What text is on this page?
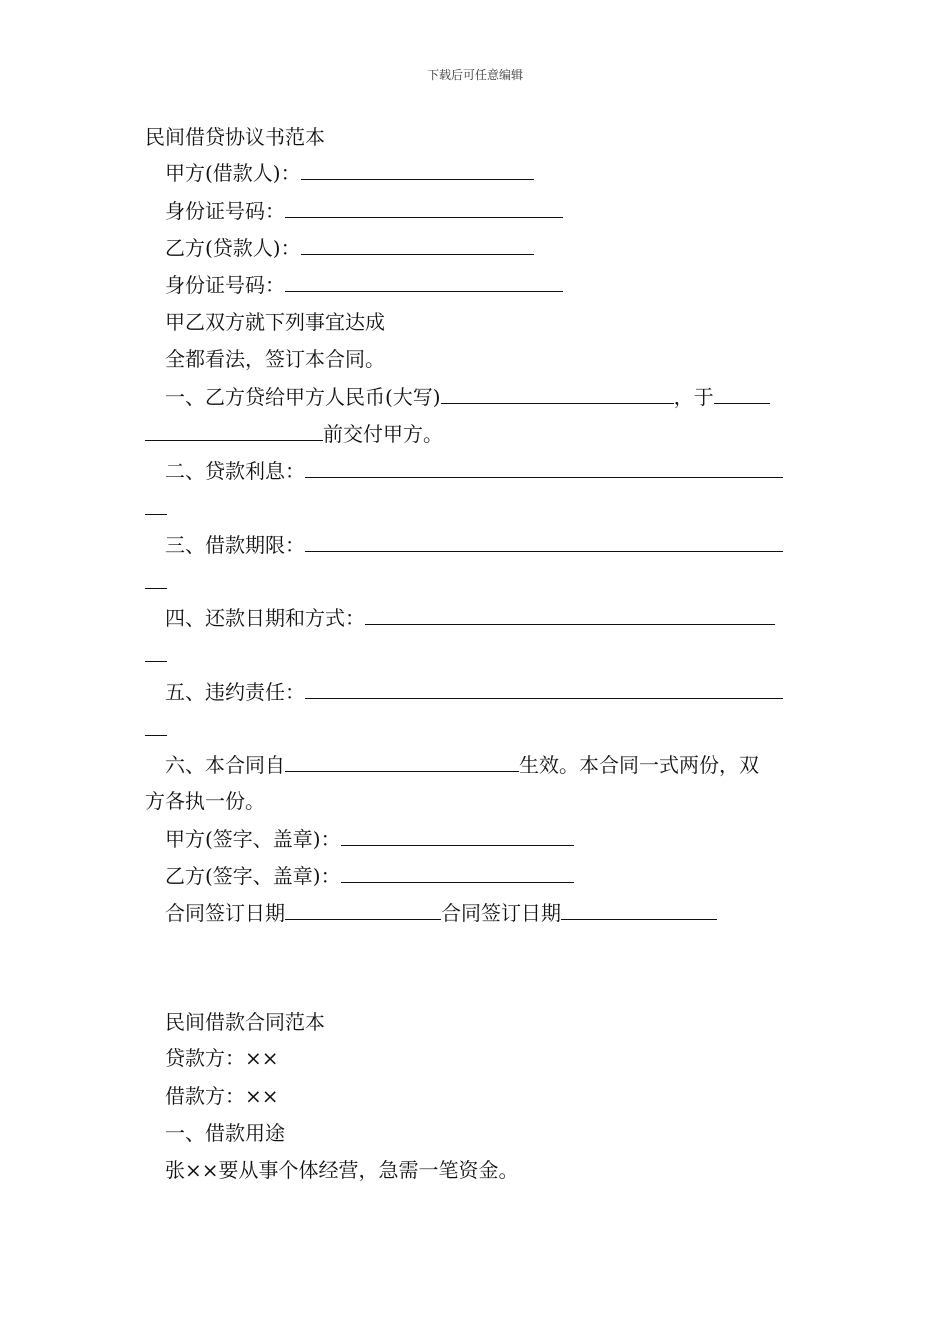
下载后可任意编辑
民间借贷协议书范本
甲方(借款人)：
身份证号码：
乙方(贷款人)：
身份证号码：
甲乙双方就下列事宜达成
全都看法，签订本合同。
一、乙方贷给甲方人民币(大写)	，于
前交付甲方。
二、贷款利息：
三、借款期限：
四、还款日期和方式：
五、违约责任：
六、本合同自	生效。本合同一式两份，双
方各执一份。
甲方(签字、盖章)：
乙方(签字、盖章)：
合同签订日期	合同签订日期
民间借款合同范本
贷款方：××
借款方：××
一、借款用途
张××要从事个体经营，急需一笔资金。
